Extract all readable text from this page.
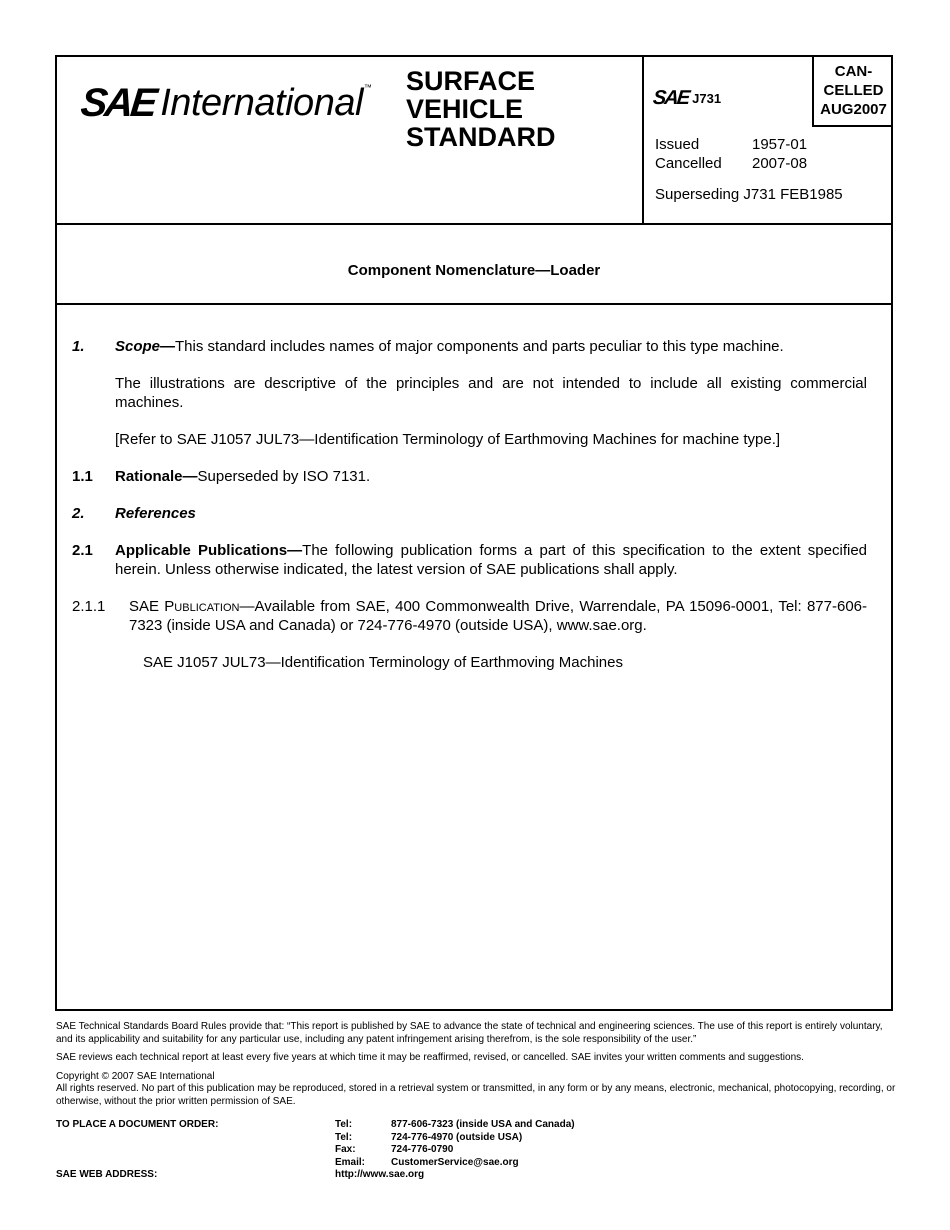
SAE International ™ SURFACE
VEHICLE
STANDARD
SAE J731
CAN-
CELLED
AUG2007
Issued	1957-01
Cancelled	2007-08
Superseding J731 FEB1985
Component Nomenclature—Loader
1.	Scope—This standard includes names of major components and parts peculiar to this type machine.
The illustrations are descriptive of the principles and are not intended to include all existing commercial machines.
[Refer to SAE J1057 JUL73—Identification Terminology of Earthmoving Machines for machine type.]
1.1	Rationale—Superseded by ISO 7131.
2.	References
2.1	Applicable Publications—The following publication forms a part of this specification to the extent specified herein. Unless otherwise indicated, the latest version of SAE publications shall apply.
2.1.1	SAE Publication—Available from SAE, 400 Commonwealth Drive, Warrendale, PA 15096-0001, Tel: 877-606-7323 (inside USA and Canada) or 724-776-4970 (outside USA), www.sae.org.
SAE J1057 JUL73—Identification Terminology of Earthmoving Machines

SAE Technical Standards Board Rules provide that: “This report is published by SAE to advance the state of technical and engineering sciences. The use of this report is entirely voluntary, and its applicability and suitability for any particular use, including any patent infringement arising therefrom, is the sole responsibility of the user.”

SAE reviews each technical report at least every five years at which time it may be reaffirmed, revised, or cancelled. SAE invites your written comments and suggestions.

Copyright © 2007 SAE International

All rights reserved. No part of this publication may be reproduced, stored in a retrieval system or transmitted, in any form or by any means, electronic, mechanical, photocopying, recording, or otherwise, without the prior written permission of SAE.

TO PLACE A DOCUMENT ORDER:
SAE WEB ADDRESS:
Tel:	877-606-7323 (inside USA and Canada)
Tel:	724-776-4970 (outside USA)
Fax:	724-776-0790
Email:	CustomerService@sae.org
http://www.sae.org
